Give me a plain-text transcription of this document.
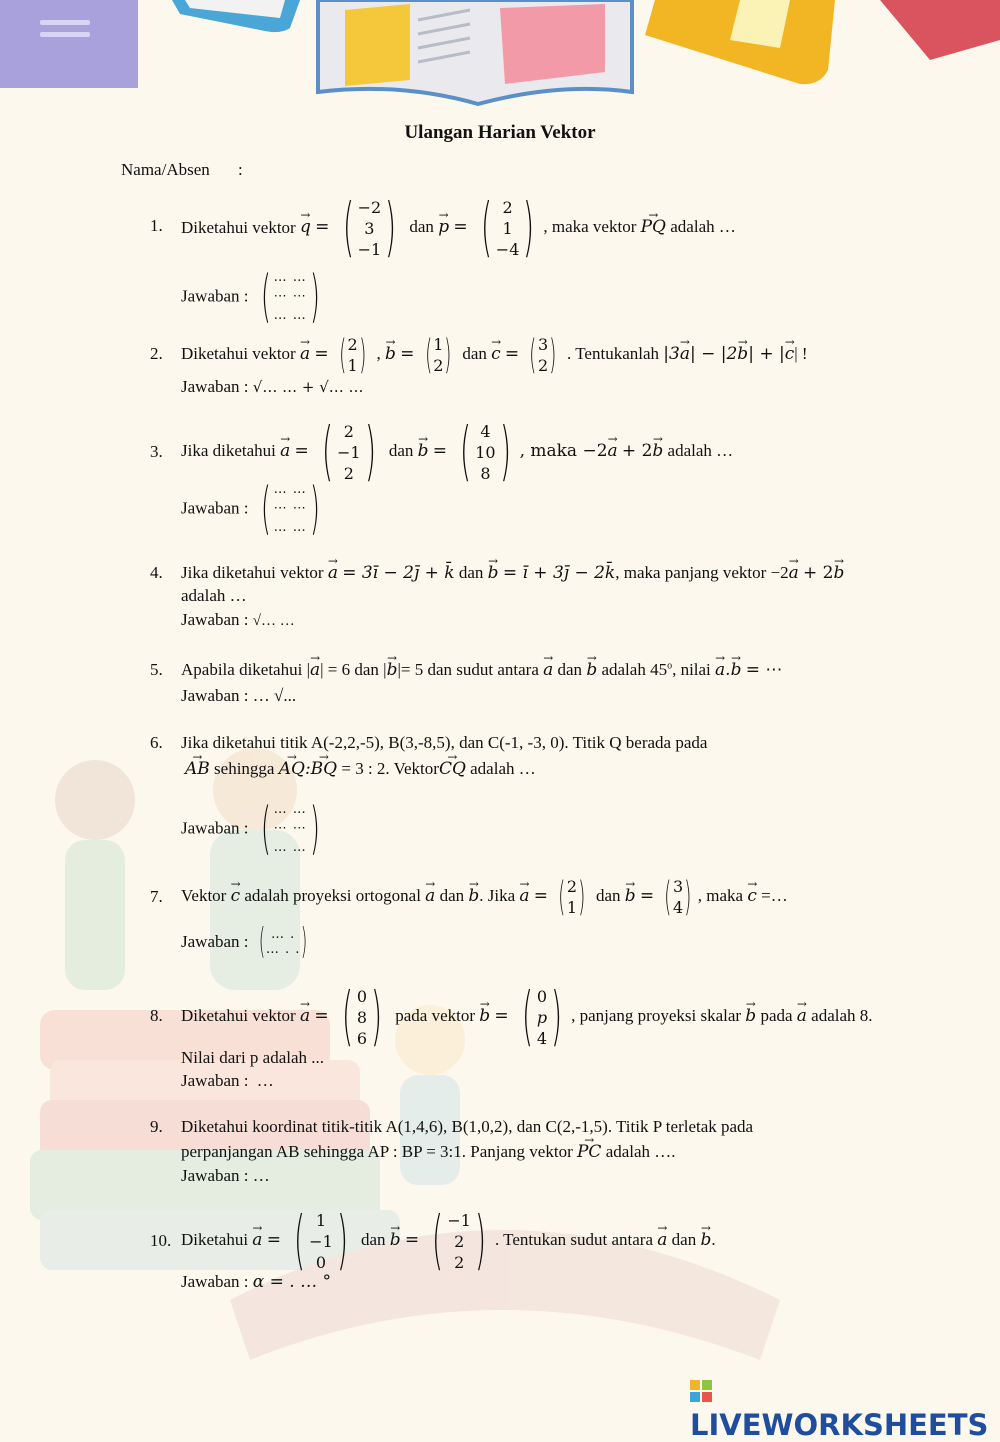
Ulangan Harian Vektor
Nama/Absen :
1.	Diketahui vektor q → = ( −2
3
−1 ) dan p → = ( 2
1
−4 ) , maka vektor PQ → adalah …
Jawaban : ( … …
⋯ ⋯
… … )
2.	Diketahui vektor a → = ( 2
1 ) , b → = ( 1
2 ) dan c → = ( 3
2 ) . Tentukanlah |3a →| − |2b →| + |c →| !
Jawaban : √… … + √… …
3.	Jika diketahui a → = ( 2
−1
2 ) dan b → = ( 4
10
8 ) , maka −2a → + 2b → adalah …
Jawaban : ( … …
⋯ ⋯
… … )
4.	Jika diketahui vektor a → = 3ī − 2j̄ + k̄ dan b → = ī + 3j̄ − 2k̄, maka panjang vektor −2a → + 2b →
adalah …
Jawaban : √… …
5.	Apabila diketahui |a →| = 6 dan |b →|= 5 dan sudut antara a → dan b → adalah 45$^o$, nilai a →.b → = ⋯
Jawaban : … √...
6.	Jika diketahui titik A(-2,2,-5), B(3,-8,5), dan C(-1, -3, 0). Titik Q berada pada
AB → sehingga AQ →:BQ → = 3 : 2. VektorCQ → adalah …
Jawaban : ( … …
⋯ ⋯
… … )
7.	Vektor c → adalah proyeksi ortogonal a → dan b →. Jika a → = ( 2
1 ) dan b → = ( 3
4 ) , maka c → =…
Jawaban : ( … .
… . . )
8.	Diketahui vektor a → = ( 0
8
6 ) pada vektor b → = ( 0
p
4 ) , panjang proyeksi skalar b → pada a → adalah 8.
Nilai dari p adalah ...
Jawaban : …
9.	Diketahui koordinat titik-titik A(1,4,6), B(1,0,2), dan C(2,-1,5). Titik P terletak pada
perpanjangan AB sehingga AP : BP = 3:1. Panjang vektor PC → adalah ….
Jawaban : …
10. Diketahui a → = ( 1
−1
0 ) dan b → = ( −1
2
2 ) . Tentukan sudut antara a → dan b →.
Jawaban : α = . … °
LIVEWORKSHEETS
